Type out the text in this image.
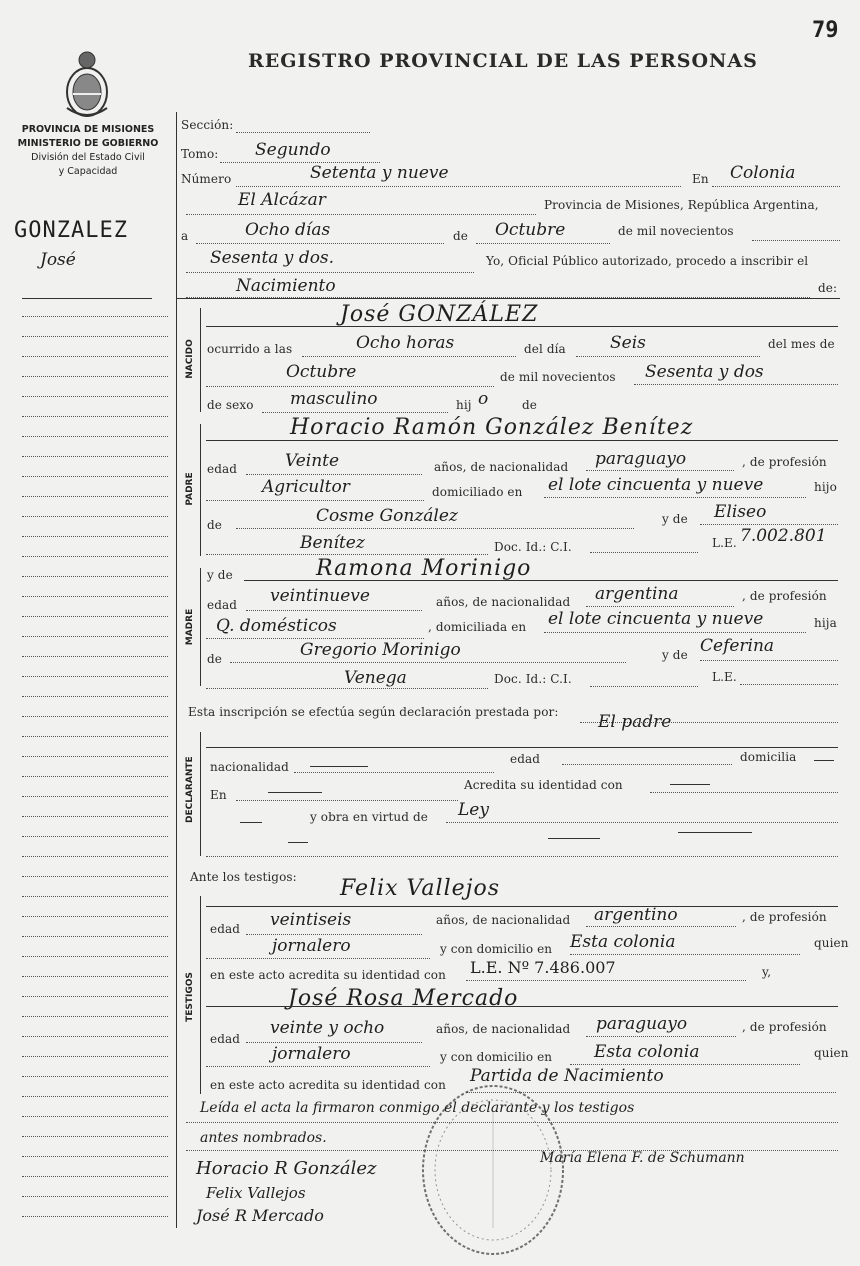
79
REGISTRO PROVINCIAL DE LAS PERSONAS
PROVINCIA DE MISIONES
MINISTERIO DE GOBIERNO
División del Estado Civil
y Capacidad
GONZALEZ
José
Sección:
Tomo: Segundo
Número	Setenta y nueve	En Colonia
El Alcázar	Provincia de Misiones, República Argentina,
a	Ocho días	de Octubre	de mil novecientos
Sesenta y dos.	Yo, Oficial Público autorizado, procedo a inscribir el
Nacimiento	de:
NACIDO
José GONZÁLEZ
ocurrido a las	Ocho horas	del día	Seis	del mes de
Octubre	de mil novecientos Sesenta y dos
de sexo masculino	hij o	de
PADRE
Horacio Ramón González Benítez
edad	Veinte	años, de nacionalidad paraguayo	, de profesión
Agricultor	domiciliado en el lote cincuenta y nueve	hijo
de	Cosme González	y de Eliseo
Benítez	Doc. Id.: C.I.	L.E. 7.002.801
MADRE
y de	Ramona Morinigo
edad veintinueve	años, de nacionalidad argentina	, de profesión
Q. domésticos	, domiciliada en el lote cincuenta y nueve	hija
de	Gregorio Morinigo	y de Ceferina
Venega	Doc. Id.: C.I.	L.E.
Esta inscripción se efectúa según declaración prestada por: El padre
DECLARANTE nacionalidad
edad	domicilia
En
Acredita su identidad con
y obra en virtud de Ley
Ante los testigos:
TESTIGOS
Felix Vallejos
edad veintiseis	años, de nacionalidad argentino	, de profesión
jornalero	y con domicilio en Esta colonia	quien
en este acto acredita su identidad con L.E. Nº 7.486.007	y,
José Rosa Mercado
edad
veinte y ocho	años, de nacionalidad paraguayo	, de profesión
jornalero	y con domicilio en Esta colonia	quien
en este acto acredita su identidad con Partida de Nacimiento
Leída el acta la firmaron conmigo el declarante y los testigos
antes nombrados.
Horacio R González
Felix Vallejos
José R Mercado
María Elena F. de Schumann
